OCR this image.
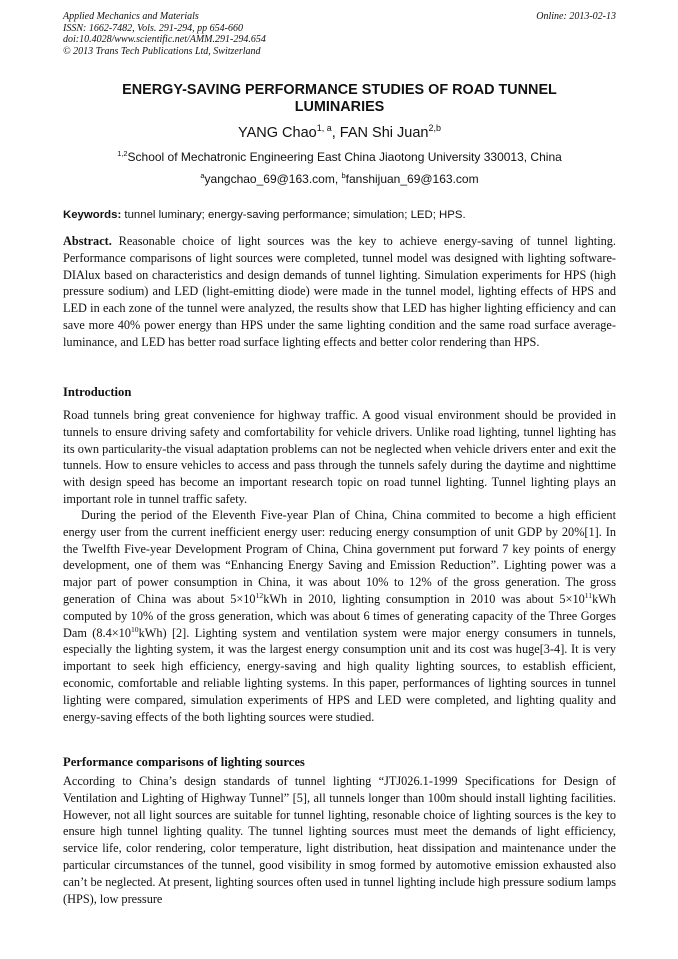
Applied Mechanics and Materials
ISSN: 1662-7482, Vols. 291-294, pp 654-660
doi:10.4028/www.scientific.net/AMM.291-294.654
© 2013 Trans Tech Publications Ltd, Switzerland
Online: 2013-02-13
ENERGY-SAVING PERFORMANCE STUDIES OF ROAD TUNNEL
LUMINARIES
YANG Chao$^{1, a}$, FAN Shi Juan$^{2,b}$
$^{1,2}$School of Mechatronic Engineering East China Jiaotong University 330013, China
$^a$yangchao_69@163.com, $^b$fanshijuan_69@163.com
Keywords: tunnel luminary; energy-saving performance; simulation; LED; HPS.
Abstract. Reasonable choice of light sources was the key to achieve energy-saving of tunnel lighting. Performance comparisons of light sources were completed, tunnel model was designed with lighting software-DIAlux based on characteristics and design demands of tunnel lighting. Simulation experiments for HPS (high pressure sodium) and LED (light-emitting diode) were made in the tunnel model, lighting effects of HPS and LED in each zone of the tunnel were analyzed, the results show that LED has higher lighting efficiency and can save more 40% power energy than HPS under the same lighting condition and the same road surface average-luminance, and LED has better road surface lighting effects and better color rendering than HPS.
Introduction
Road tunnels bring great convenience for highway traffic. A good visual environment should be provided in tunnels to ensure driving safety and comfortability for vehicle drivers. Unlike road lighting, tunnel lighting has its own particularity-the visual adaptation problems can not be neglected when vehicle drivers enter and exit the tunnels. How to ensure vehicles to access and pass through the tunnels safely during the daytime and nighttime with design speed has become an important research topic on road tunnel lighting. Tunnel lighting plays an important role in tunnel traffic safety.
During the period of the Eleventh Five-year Plan of China, China commited to become a high efficient energy user from the current inefficient energy user: reducing energy consumption of unit GDP by 20%[1]. In the Twelfth Five-year Development Program of China, China government put forward 7 key points of energy development, one of them was “Enhancing Energy Saving and Emission Reduction”. Lighting power was a major part of power consumption in China, it was about 10% to 12% of the gross generation. The gross generation of China was about $5\times 10^{12}kWh$ in 2010, lighting consumption in 2010 was about $5\times 10^{11}kWh$ computed by 10% of the gross generation, which was about 6 times of generating capacity of the Three Gorges Dam $(8.4\times 10^{10}kWh)$ [2]. Lighting system and ventilation system were major energy consumers in tunnels, especially the lighting system, it was the largest energy consumption unit and its cost was huge[3-4]. It is very important to seek high efficiency, energy-saving and high quality lighting sources, to establish efficient, economic, comfortable and reliable lighting systems. In this paper, performances of lighting sources in tunnel lighting were compared, simulation experiments of HPS and LED were completed, and lighting quality and energy-saving effects of the both lighting sources were studied.
Performance comparisons of lighting sources
According to China’s design standards of tunnel lighting “JTJ026.1-1999 Specifications for Design of Ventilation and Lighting of Highway Tunnel” [5], all tunnels longer than 100m should install lighting facilities. However, not all light sources are suitable for tunnel lighting, resonable choice of lighting sources is the key to ensure high tunnel lighting quality. The tunnel lighting sources must meet the demands of light efficiency, service life, color rendering, color temperature, light distribution, heat dissipation and maintenance under the particular circumstances of the tunnel, good visibility in smog formed by automotive emission exhausted also can’t be neglected. At present, lighting sources often used in tunnel lighting include high pressure sodium lamps (HPS), low pressure
